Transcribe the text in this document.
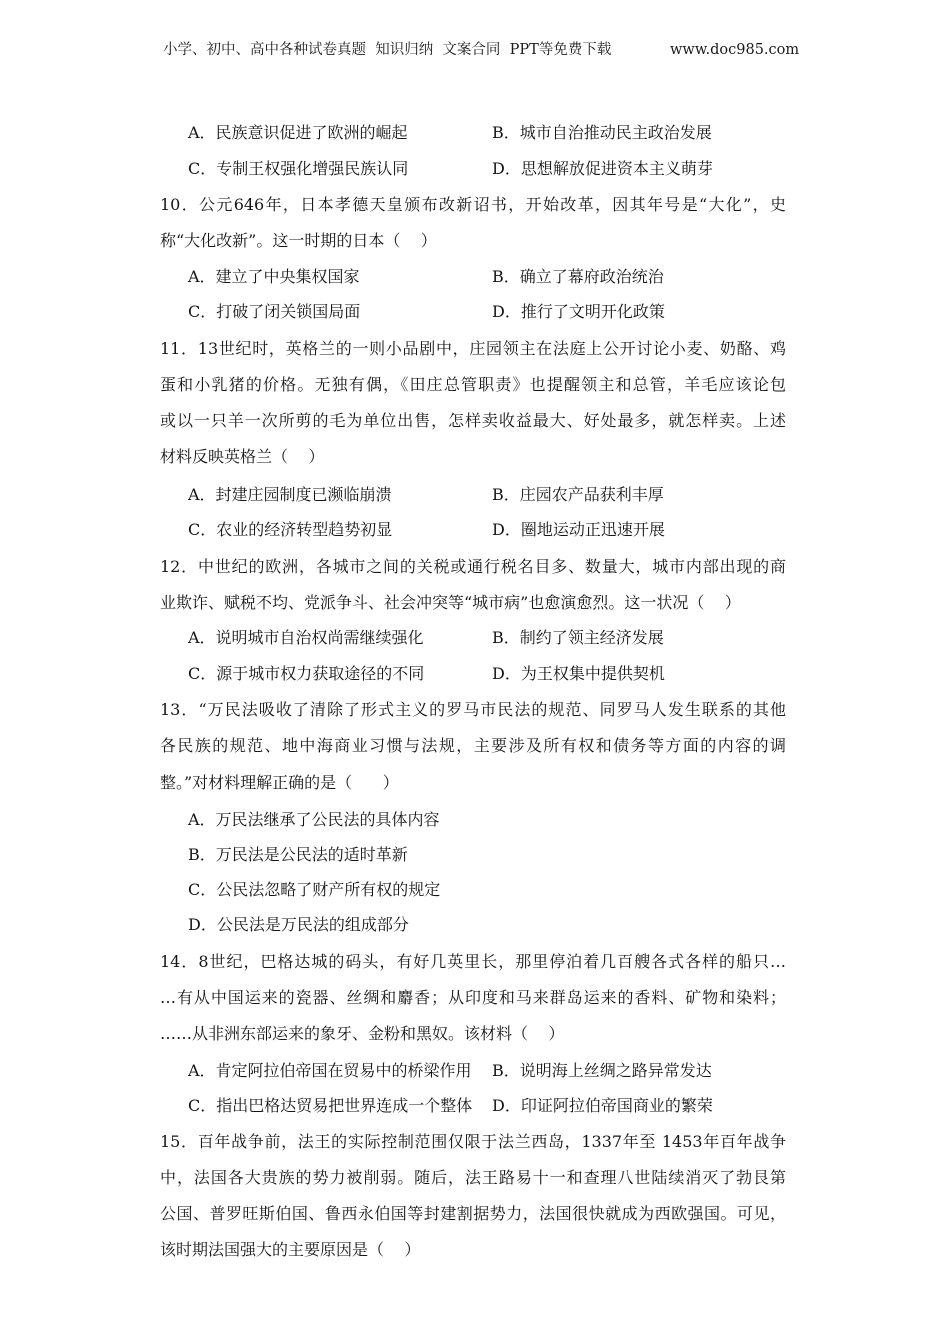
小学、初中、高中各种试卷真题  知识归纳  文案合同  PPT等免费下载	www.doc985.com
A．民族意识促进了欧洲的崛起	B．城市自治推动民主政治发展
C．专制王权强化增强民族认同	D．思想解放促进资本主义萌芽
10．公元646年，日本孝德天皇颁布改新诏书，开始改革，因其年号是“大化”，史
称“大化改新”。这一时期的日本（    ）
A．建立了中央集权国家	B．确立了幕府政治统治
C．打破了闭关锁国局面	D．推行了文明开化政策
11．13世纪时，英格兰的一则小品剧中，庄园领主在法庭上公开讨论小麦、奶酪、鸡
蛋和小乳猪的价格。无独有偶，《田庄总管职责》也提醒领主和总管，羊毛应该论包
或以一只羊一次所剪的毛为单位出售，怎样卖收益最大、好处最多，就怎样卖。上述
材料反映英格兰（    ）
A．封建庄园制度已濒临崩溃	B．庄园农产品获利丰厚
C．农业的经济转型趋势初显	D．圈地运动正迅速开展
12．中世纪的欧洲，各城市之间的关税或通行税名目多、数量大，城市内部出现的商
业欺诈、赋税不均、党派争斗、社会冲突等“城市病”也愈演愈烈。这一状况（    ）
A．说明城市自治权尚需继续强化	B．制约了领主经济发展
C．源于城市权力获取途径的不同	D．为王权集中提供契机
13．“万民法吸收了清除了形式主义的罗马市民法的规范、同罗马人发生联系的其他
各民族的规范、地中海商业习惯与法规，主要涉及所有权和债务等方面的内容的调
整。”对材料理解正确的是（      ）
A．万民法继承了公民法的具体内容
B．万民法是公民法的适时革新
C．公民法忽略了财产所有权的规定
D．公民法是万民法的组成部分
14．8世纪，巴格达城的码头，有好几英里长，那里停泊着几百艘各式各样的船只…
…有从中国运来的瓷器、丝绸和麝香；从印度和马来群岛运来的香料、矿物和染料；
……从非洲东部运来的象牙、金粉和黑奴。该材料（    ）
A．肯定阿拉伯帝国在贸易中的桥梁作用 B．说明海上丝绸之路异常发达
C．指出巴格达贸易把世界连成一个整体 D．印证阿拉伯帝国商业的繁荣
15．百年战争前，法王的实际控制范围仅限于法兰西岛，1337年至 1453年百年战争
中，法国各大贵族的势力被削弱。随后，法王路易十一和查理八世陆续消灭了勃艮第
公国、普罗旺斯伯国、鲁西永伯国等封建割据势力，法国很快就成为西欧强国。可见，
该时期法国强大的主要原因是（    ）
